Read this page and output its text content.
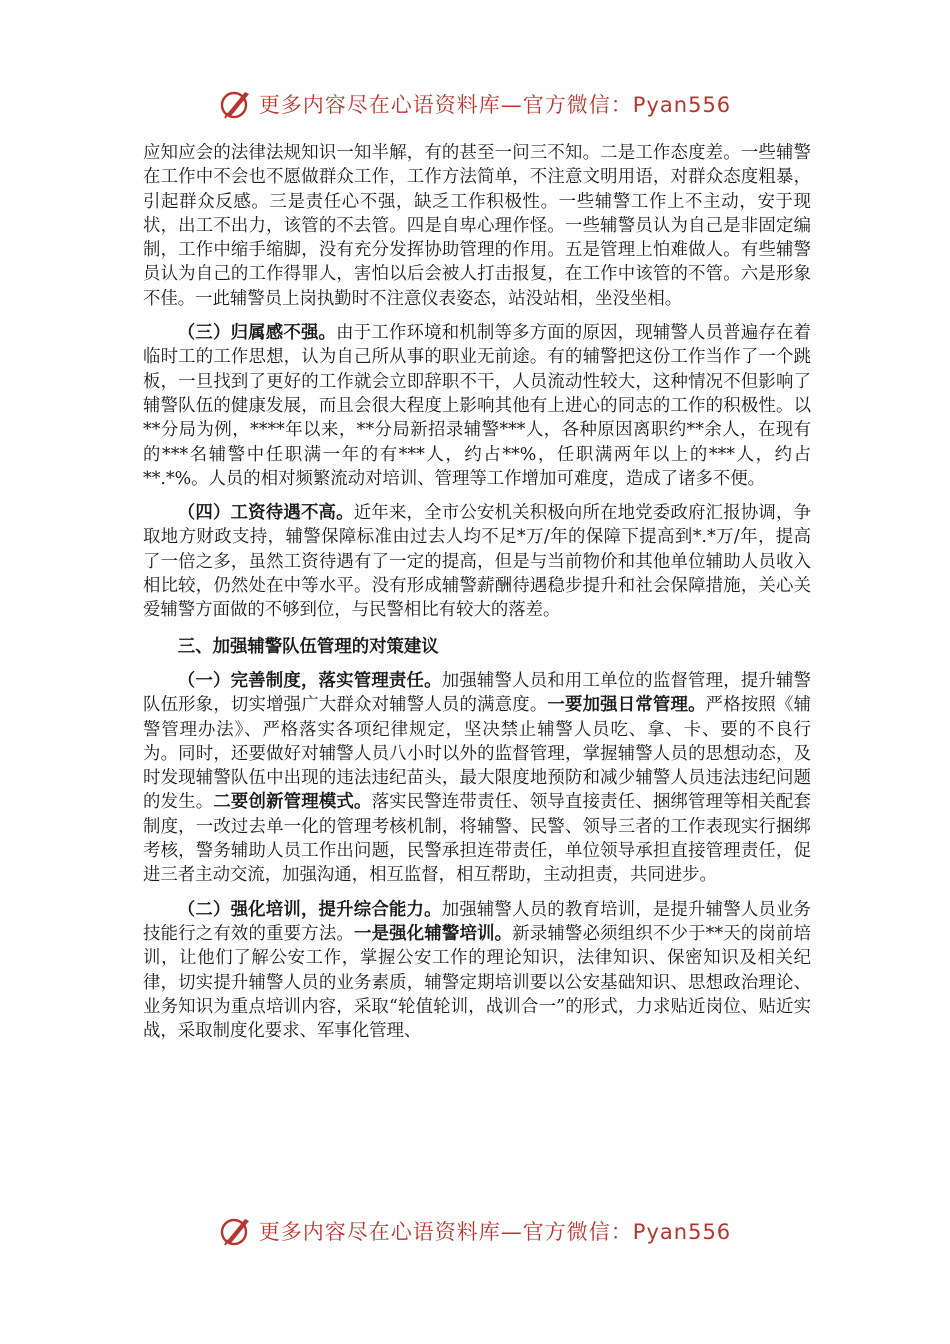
更多内容尽在心语资料库—官方微信：Pyan556

应知应会的法律法规知识一知半解，有的甚至一问三不知。二是工作态度差。一些辅警在工作中不会也不愿做群众工作，工作方法简单，不注意文明用语，对群众态度粗暴，引起群众反感。三是责任心不强，缺乏工作积极性。一些辅警工作上不主动，安于现状，出工不出力，该管的不去管。四是自卑心理作怪。一些辅警员认为自己是非固定编制，工作中缩手缩脚，没有充分发挥协助管理的作用。五是管理上怕难做人。有些辅警员认为自己的工作得罪人，害怕以后会被人打击报复，在工作中该管的不管。六是形象不佳。一此辅警员上岗执勤时不注意仪表姿态，站没站相，坐没坐相。

（三）归属感不强。由于工作环境和机制等多方面的原因，现辅警人员普遍存在着临时工的工作思想，认为自己所从事的职业无前途。有的辅警把这份工作当作了一个跳板，一旦找到了更好的工作就会立即辞职不干，人员流动性较大，这种情况不但影响了辅警队伍的健康发展，而且会很大程度上影响其他有上进心的同志的工作的积极性。以**分局为例，****年以来，**分局新招录辅警***人，各种原因离职约**余人，在现有的***名辅警中任职满一年的有***人，约占**%，任职满两年以上的***人，约占**.*%。人员的相对频繁流动对培训、管理等工作增加可难度，造成了诸多不便。

（四）工资待遇不高。近年来，全市公安机关积极向所在地党委政府汇报协调，争取地方财政支持，辅警保障标准由过去人均不足*万/年的保障下提高到*.*万/年，提高了一倍之多，虽然工资待遇有了一定的提高，但是与当前物价和其他单位辅助人员收入相比较，仍然处在中等水平。没有形成辅警薪酬待遇稳步提升和社会保障措施，关心关爱辅警方面做的不够到位，与民警相比有较大的落差。

三、加强辅警队伍管理的对策建议

（一）完善制度，落实管理责任。加强辅警人员和用工单位的监督管理，提升辅警队伍形象，切实增强广大群众对辅警人员的满意度。一要加强日常管理。严格按照《辅警管理办法》、严格落实各项纪律规定，坚决禁止辅警人员吃、拿、卡、要的不良行为。同时，还要做好对辅警人员八小时以外的监督管理，掌握辅警人员的思想动态，及时发现辅警队伍中出现的违法违纪苗头，最大限度地预防和减少辅警人员违法违纪问题的发生。二要创新管理模式。落实民警连带责任、领导直接责任、捆绑管理等相关配套制度，一改过去单一化的管理考核机制，将辅警、民警、领导三者的工作表现实行捆绑考核，警务辅助人员工作出问题，民警承担连带责任，单位领导承担直接管理责任，促进三者主动交流，加强沟通，相互监督，相互帮助，主动担责，共同进步。

（二）强化培训，提升综合能力。加强辅警人员的教育培训，是提升辅警人员业务技能行之有效的重要方法。一是强化辅警培训。新录辅警必须组织不少于**天的岗前培训，让他们了解公安工作，掌握公安工作的理论知识，法律知识、保密知识及相关纪律，切实提升辅警人员的业务素质，辅警定期培训要以公安基础知识、思想政治理论、业务知识为重点培训内容，采取“轮值轮训，战训合一”的形式，力求贴近岗位、贴近实战，采取制度化要求、军事化管理、

更多内容尽在心语资料库—官方微信：Pyan556
